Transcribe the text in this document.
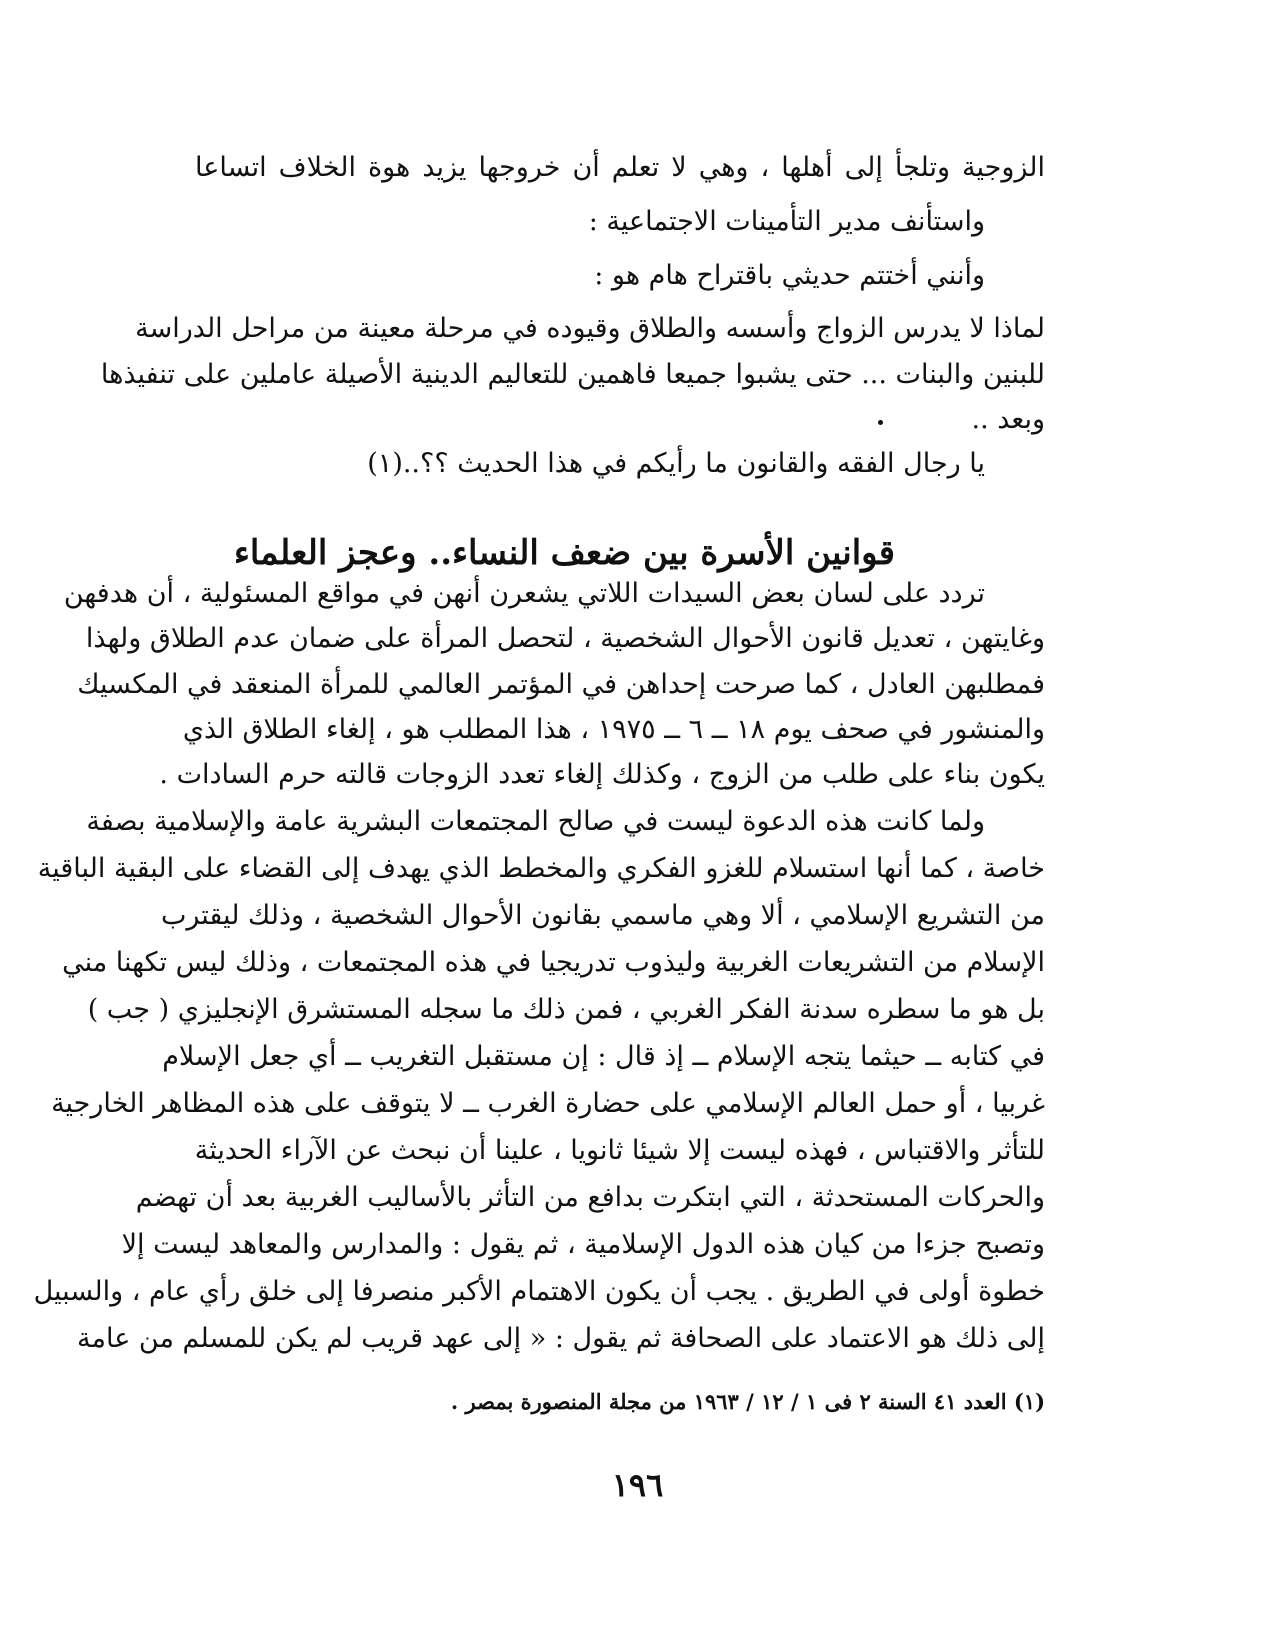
الزوجية وتلجأ إلى أهلها ، وهي لا تعلم أن خروجها يزيد هوة الخلاف اتساعا
واستأنف مدير التأمينات الاجتماعية :
وأنني أختتم حديثي باقتراح هام هو :
لماذا لا يدرس الزواج وأسسه والطلاق وقيوده في مرحلة معينة من مراحل الدراسة
للبنين والبنات ... حتى يشبوا جميعا فاهمين للتعاليم الدينية الأصيلة عاملين على تنفيذها
وبعد ..
يا رجال الفقه والقانون ما رأيكم في هذا الحديث ؟؟..(١)
قوانين الأسرة بين ضعف النساء.. وعجز العلماء
تردد على لسان بعض السيدات اللاتي يشعرن أنهن في مواقع المسئولية ، أن هدفهن
وغايتهن ، تعديل قانون الأحوال الشخصية ، لتحصل المرأة على ضمان عدم الطلاق ولهذا
فمطلبهن العادل ، كما صرحت إحداهن في المؤتمر العالمي للمرأة المنعقد في المكسيك
والمنشور في صحف يوم ١٨ ــ ٦ ــ ١٩٧٥ ، هذا المطلب هو ، إلغاء الطلاق الذي
يكون بناء على طلب من الزوج ، وكذلك إلغاء تعدد الزوجات قالته حرم السادات .
ولما كانت هذه الدعوة ليست في صالح المجتمعات البشرية عامة والإسلامية بصفة
خاصة ، كما أنها استسلام للغزو الفكري والمخطط الذي يهدف إلى القضاء على البقية الباقية
من التشريع الإسلامي ، ألا وهي ماسمي بقانون الأحوال الشخصية ، وذلك ليقترب
الإسلام من التشريعات الغربية وليذوب تدريجيا في هذه المجتمعات ، وذلك ليس تكهنا مني
بل هو ما سطره سدنة الفكر الغربي ، فمن ذلك ما سجله المستشرق الإنجليزي ( جب )
في كتابه ــ حيثما يتجه الإسلام ــ إذ قال : إن مستقبل التغريب ــ أي جعل الإسلام
غربيا ، أو حمل العالم الإسلامي على حضارة الغرب ــ لا يتوقف على هذه المظاهر الخارجية
للتأثر والاقتباس ، فهذه ليست إلا شيئا ثانويا ، علينا أن نبحث عن الآراء الحديثة
والحركات المستحدثة ، التي ابتكرت بدافع من التأثر بالأساليب الغربية بعد أن تهضم
وتصبح جزءا من كيان هذه الدول الإسلامية ، ثم يقول : والمدارس والمعاهد ليست إلا
خطوة أولى في الطريق . يجب أن يكون الاهتمام الأكبر منصرفا إلى خلق رأي عام ، والسبيل
إلى ذلك هو الاعتماد على الصحافة ثم يقول : « إلى عهد قريب لم يكن للمسلم من عامة
(١) العدد ٤١ السنة ٢ فى ١ / ١٢ / ١٩٦٣ من مجلة المنصورة بمصر .
١٩٦
